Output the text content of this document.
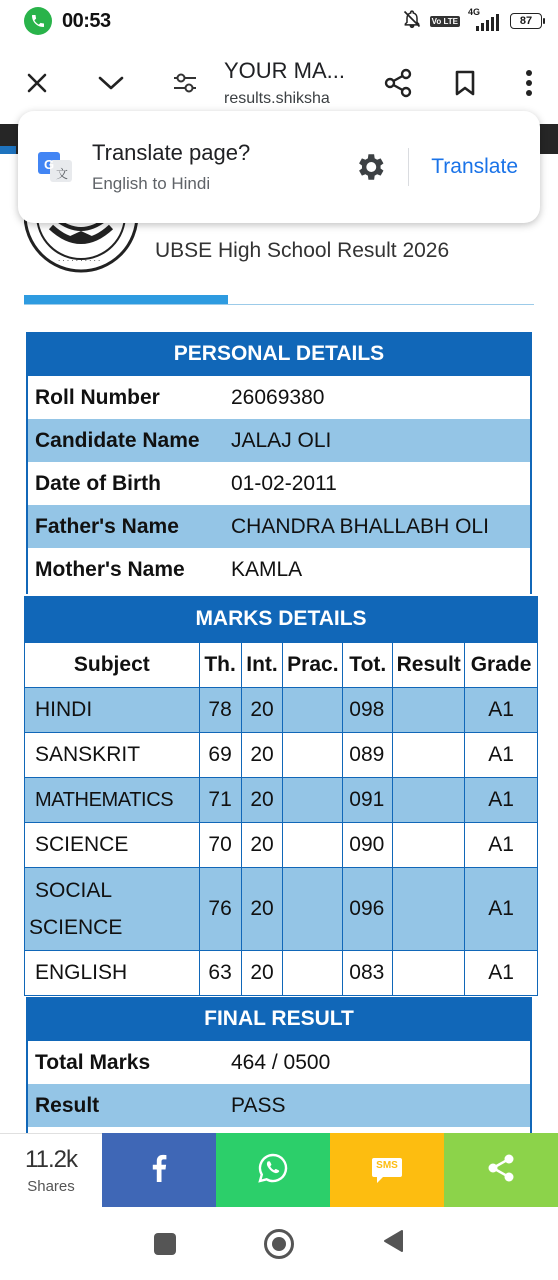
00:53	Vo LTE
4G
87
YOUR MA...
results.shiksha
G
文
Translate page?
English to Hindi
Translate
· · · · · · · · · ·	UBSE High School Result 2026
PERSONAL DETAILS
Roll Number	26069380
Candidate Name	JALAJ OLI
Date of Birth	01-02-2011
Father's Name	CHANDRA BHALLABH OLI
Mother's Name	KAMLA
MARKS DETAILS
Subject	Th.	Int.	Prac.	Tot.	Result	Grade
HINDI	78	20		098		A1
SANSKRIT	69	20		089		A1
MATHEMATICS	71	20		091		A1
SCIENCE	70	20		090		A1

SOCIAL
SCIENCE	76	20		096		A1
ENGLISH	63	20		083		A1
FINAL RESULT
Total Marks	464 / 0500
Result	PASS
11.2k
Shares
SMS
